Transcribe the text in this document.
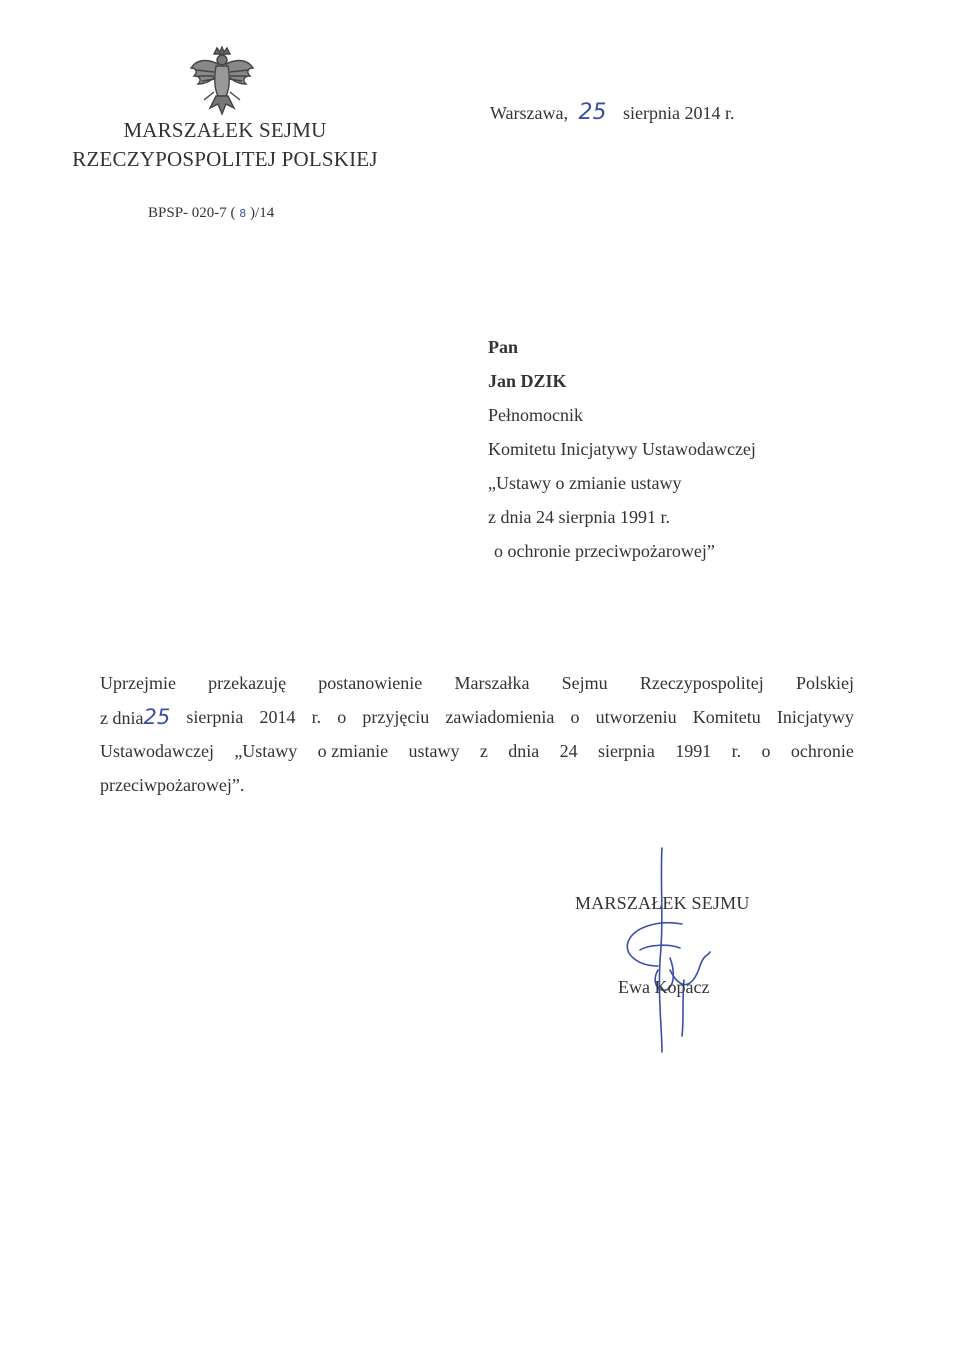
MARSZAŁEK SEJMU
RZECZYPOSPOLITEJ POLSKIEJ
Warszawa, 25 sierpnia 2014 r.
BPSP- 020-7 ( 8 )/14
Pan
Jan DZIK
Pełnomocnik
Komitetu Inicjatywy Ustawodawczej
„Ustawy o zmianie ustawy
z dnia 24 sierpnia 1991 r.
o ochronie przeciwpożarowej”
Uprzejmie przekazuję postanowienie Marszałka Sejmu Rzeczypospolitej Polskiej
z dnia25 sierpnia 2014 r. o przyjęciu zawiadomienia o utworzeniu Komitetu Inicjatywy
Ustawodawczej „Ustawy o zmianie ustawy z dnia 24 sierpnia 1991 r. o ochronie
przeciwpożarowej”.
MARSZAŁEK SEJMU
Ewa Kopacz
